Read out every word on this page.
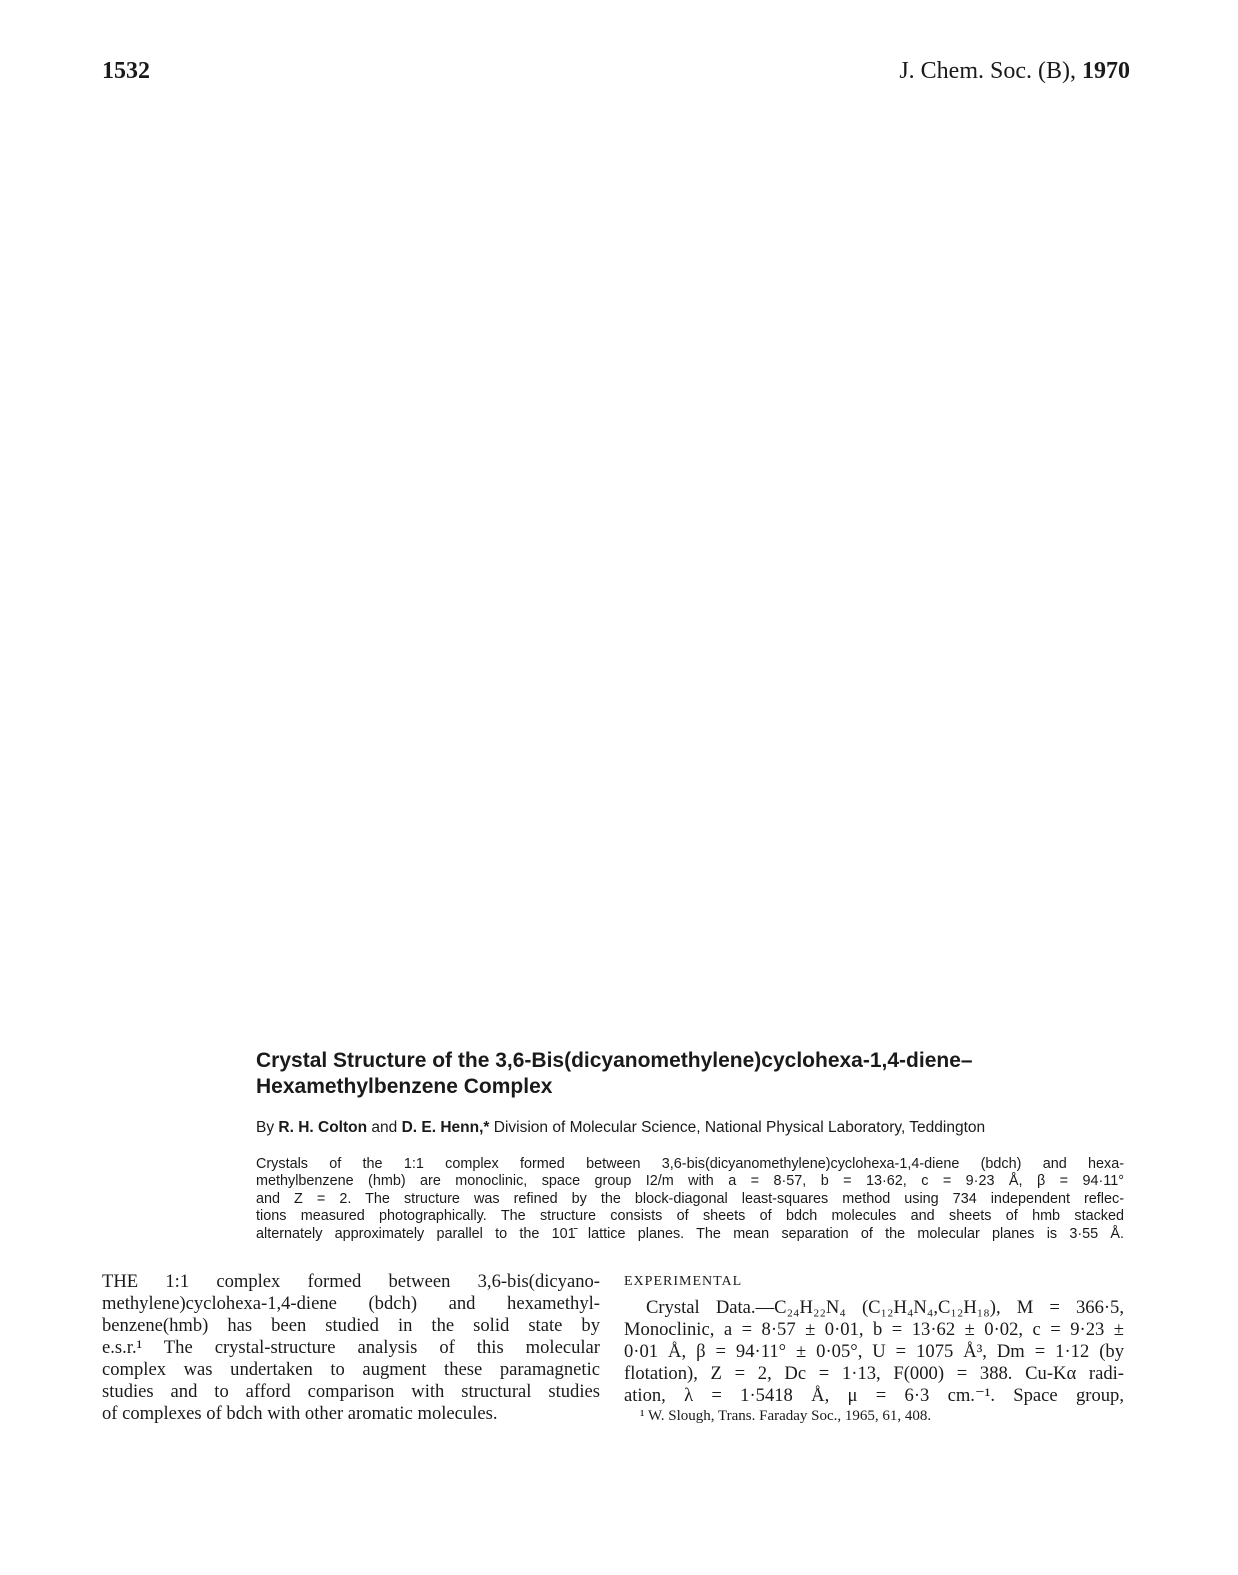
1532	J. Chem. Soc. (B), 1970
Crystal Structure of the 3,6-Bis(dicyanomethylene)cyclohexa-1,4-diene–
Hexamethylbenzene Complex
By R. H. Colton and D. E. Henn,* Division of Molecular Science, National Physical Laboratory, Teddington
Crystals of the 1:1 complex formed between 3,6-bis(dicyanomethylene)cyclohexa-1,4-diene (bdch) and hexa-
methylbenzene (hmb) are monoclinic, space group I2/m with a = 8·57, b = 13·62, c = 9·23 Å, β = 94·11°
and Z = 2. The structure was refined by the block-diagonal least-squares method using 734 independent reflec-
tions measured photographically. The structure consists of sheets of bdch molecules and sheets of hmb stacked
alternately approximately parallel to the 101̄ lattice planes. The mean separation of the molecular planes is 3·55 Å.
THE 1:1 complex formed between 3,6-bis(dicyano-
methylene)cyclohexa-1,4-diene (bdch) and hexamethyl-
benzene(hmb) has been studied in the solid state by
e.s.r.¹ The crystal-structure analysis of this molecular
complex was undertaken to augment these paramagnetic
studies and to afford comparison with structural studies
of complexes of bdch with other aromatic molecules.
EXPERIMENTAL
Crystal Data.—C₂₄H₂₂N₄ (C₁₂H₄N₄,C₁₂H₁₈), M = 366·5,
Monoclinic, a = 8·57 ± 0·01, b = 13·62 ± 0·02, c = 9·23 ±
0·01 Å, β = 94·11° ± 0·05°, U = 1075 Å³, Dm = 1·12 (by
flotation), Z = 2, Dc = 1·13, F(000) = 388. Cu-Kα radi-
ation, λ = 1·5418 Å, μ = 6·3 cm.⁻¹. Space group,
¹ W. Slough, Trans. Faraday Soc., 1965, 61, 408.
